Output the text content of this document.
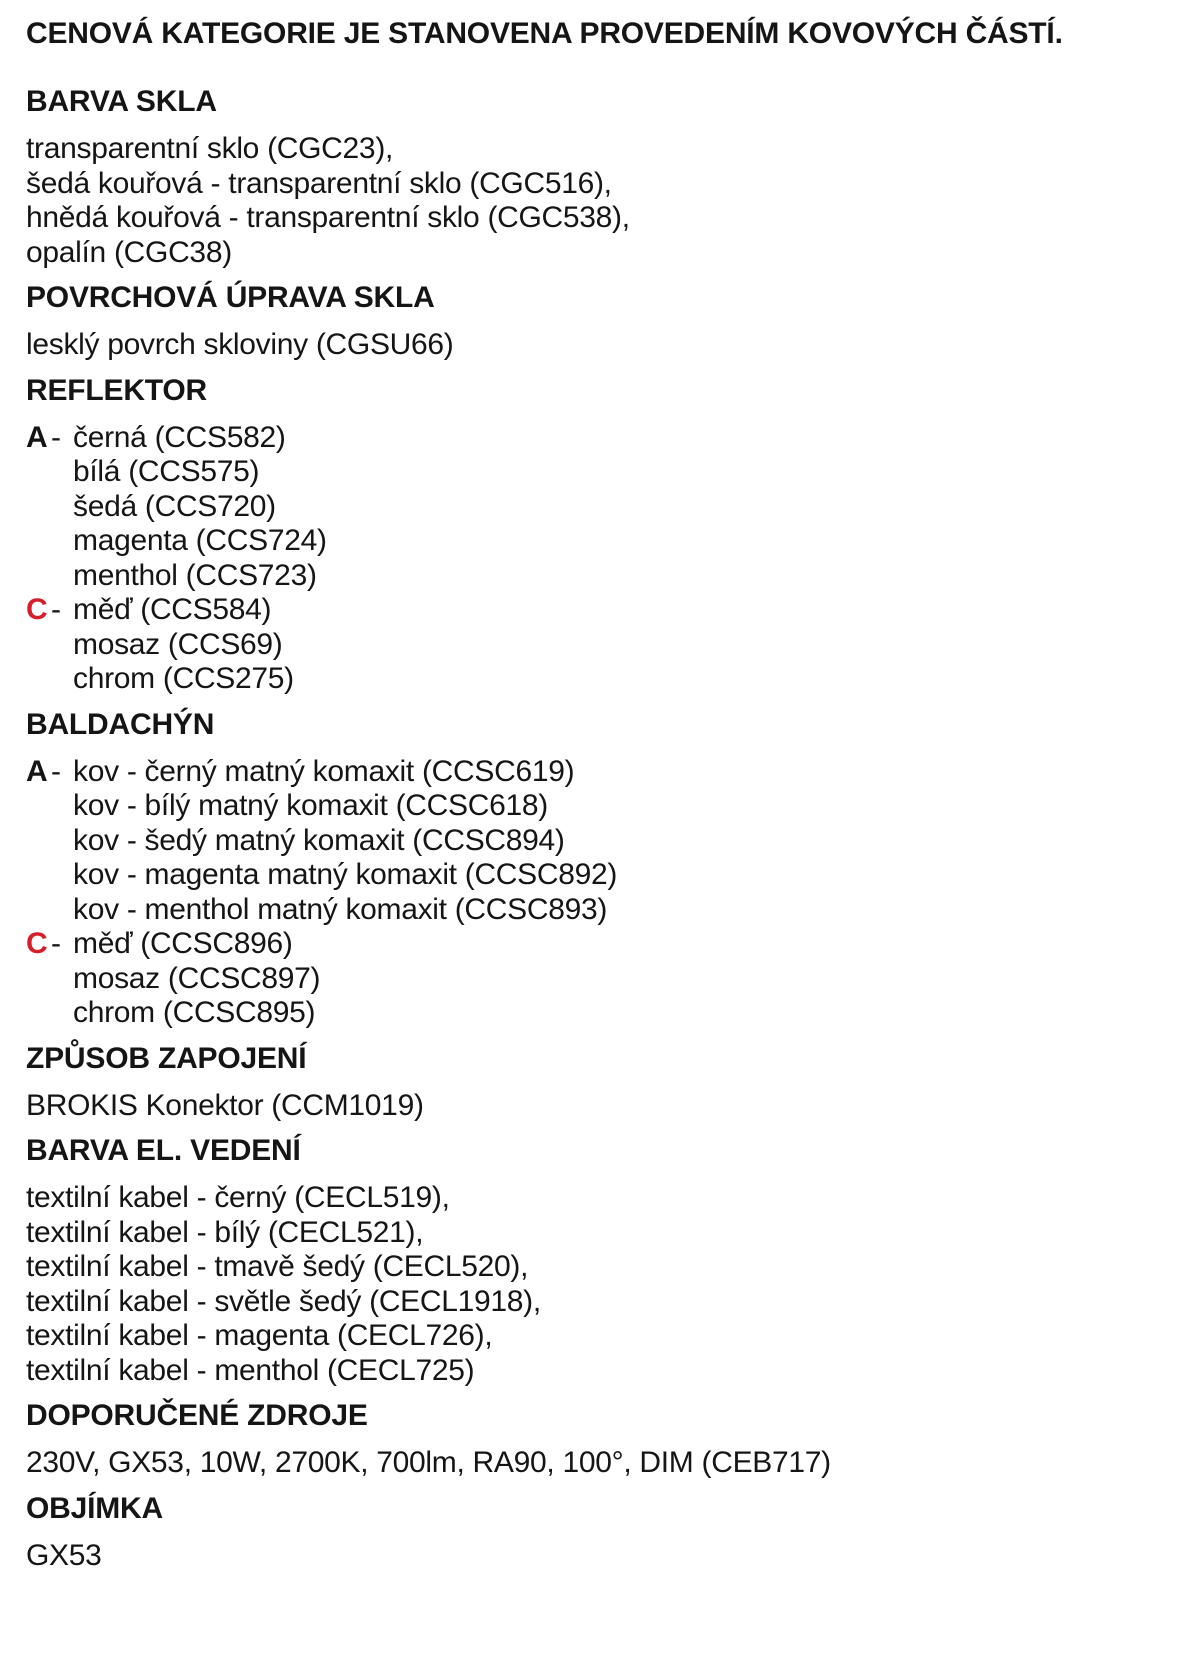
CENOVÁ KATEGORIE JE STANOVENA PROVEDENÍM KOVOVÝCH ČÁSTÍ.
BARVA SKLA
transparentní sklo (CGC23),
šedá kouřová - transparentní sklo (CGC516),
hnědá kouřová - transparentní sklo (CGC538),
opalín (CGC38)
POVRCHOVÁ ÚPRAVA SKLA
lesklý povrch skloviny (CGSU66)
REFLEKTOR
A - černá (CCS582)
bílá (CCS575)
šedá (CCS720)
magenta (CCS724)
menthol (CCS723)
C - měď (CCS584)
mosaz (CCS69)
chrom (CCS275)
BALDACHÝN
A - kov - černý matný komaxit (CCSC619)
kov - bílý matný komaxit (CCSC618)
kov - šedý matný komaxit (CCSC894)
kov - magenta matný komaxit (CCSC892)
kov - menthol matný komaxit (CCSC893)
C - měď (CCSC896)
mosaz (CCSC897)
chrom (CCSC895)
ZPŮSOB ZAPOJENÍ
BROKIS Konektor (CCM1019)
BARVA EL. VEDENÍ
textilní kabel - černý (CECL519),
textilní kabel - bílý (CECL521),
textilní kabel - tmavě šedý (CECL520),
textilní kabel - světle šedý (CECL1918),
textilní kabel - magenta (CECL726),
textilní kabel - menthol (CECL725)
DOPORUČENÉ ZDROJE
230V, GX53, 10W, 2700K, 700lm, RA90, 100°, DIM (CEB717)
OBJÍMKA
GX53
